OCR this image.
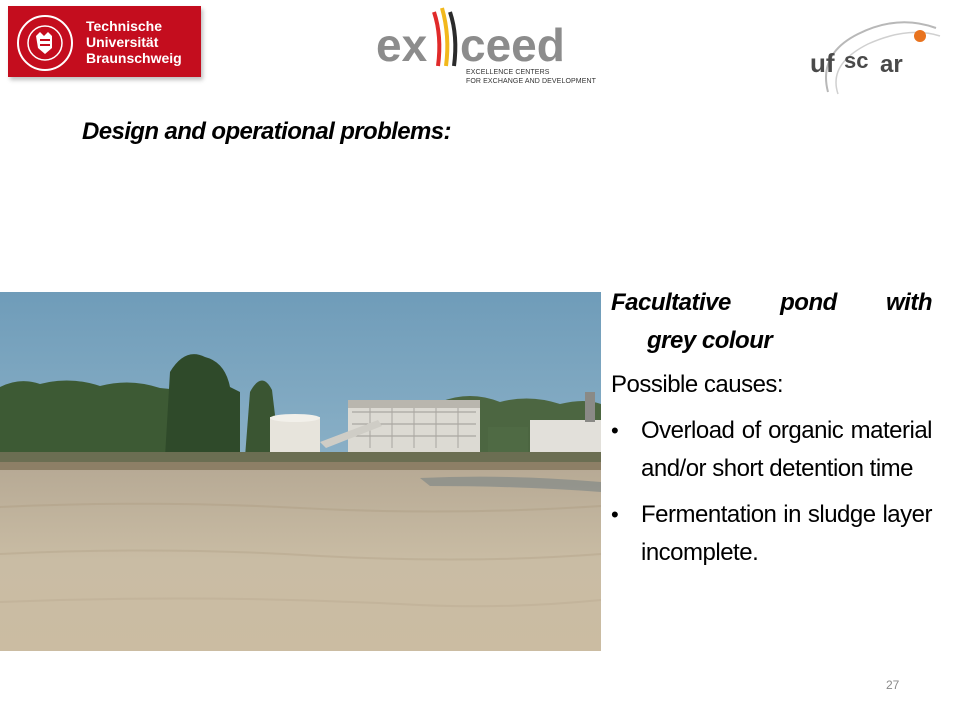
Technische
Universität
Braunschweig	ex ceed
EXCELLENCE CENTERS
FOR EXCHANGE AND DEVELOPMENT
uf sc ar
Design and operational problems:
Facultative pond with
grey colour
Possible causes:
• Overload of organic material and/or short detention time
• Fermentation in sludge layer incomplete.
27
